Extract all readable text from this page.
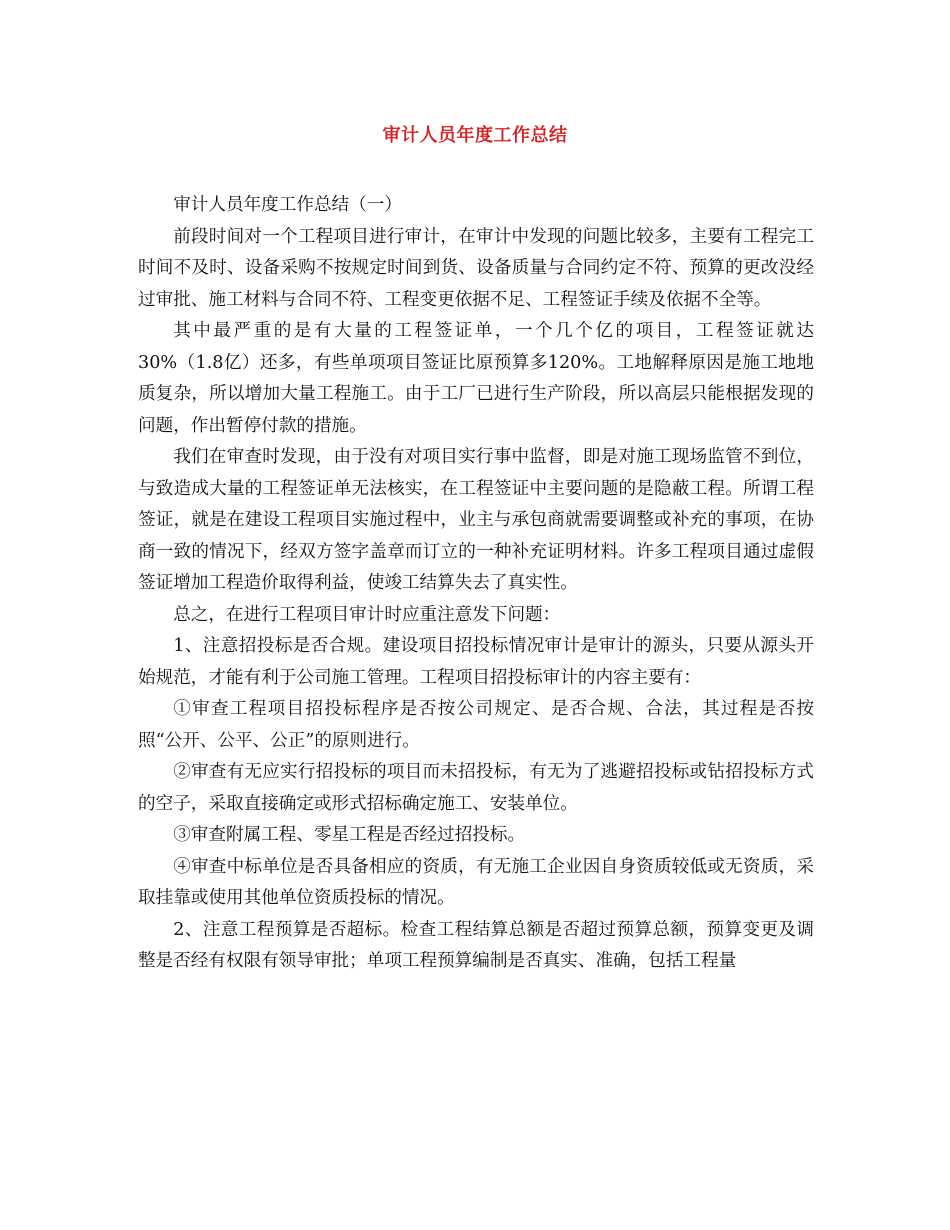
审计人员年度工作总结

审计人员年度工作总结（一）

前段时间对一个工程项目进行审计，在审计中发现的问题比较多，主要有工程完工时间不及时、设备采购不按规定时间到货、设备质量与合同约定不符、预算的更改没经过审批、施工材料与合同不符、工程变更依据不足、工程签证手续及依据不全等。

其中最严重的是有大量的工程签证单，一个几个亿的项目，工程签证就达30%（1.8亿）还多，有些单项项目签证比原预算多120%。工地解释原因是施工地地质复杂，所以增加大量工程施工。由于工厂已进行生产阶段，所以高层只能根据发现的问题，作出暂停付款的措施。

我们在审查时发现，由于没有对项目实行事中监督，即是对施工现场监管不到位，与致造成大量的工程签证单无法核实，在工程签证中主要问题的是隐蔽工程。所谓工程签证，就是在建设工程项目实施过程中，业主与承包商就需要调整或补充的事项，在协商一致的情况下，经双方签字盖章而订立的一种补充证明材料。许多工程项目通过虚假签证增加工程造价取得利益，使竣工结算失去了真实性。

总之，在进行工程项目审计时应重注意发下问题：

1、注意招投标是否合规。建设项目招投标情况审计是审计的源头，只要从源头开始规范，才能有利于公司施工管理。工程项目招投标审计的内容主要有：

①审查工程项目招投标程序是否按公司规定、是否合规、合法，其过程是否按照“公开、公平、公正”的原则进行。

②审查有无应实行招投标的项目而未招投标，有无为了逃避招投标或钻招投标方式的空子，采取直接确定或形式招标确定施工、安装单位。

③审查附属工程、零星工程是否经过招投标。

④审查中标单位是否具备相应的资质，有无施工企业因自身资质较低或无资质，采取挂靠或使用其他单位资质投标的情况。

2、注意工程预算是否超标。检查工程结算总额是否超过预算总额，预算变更及调整是否经有权限有领导审批；单项工程预算编制是否真实、准确，包括工程量
